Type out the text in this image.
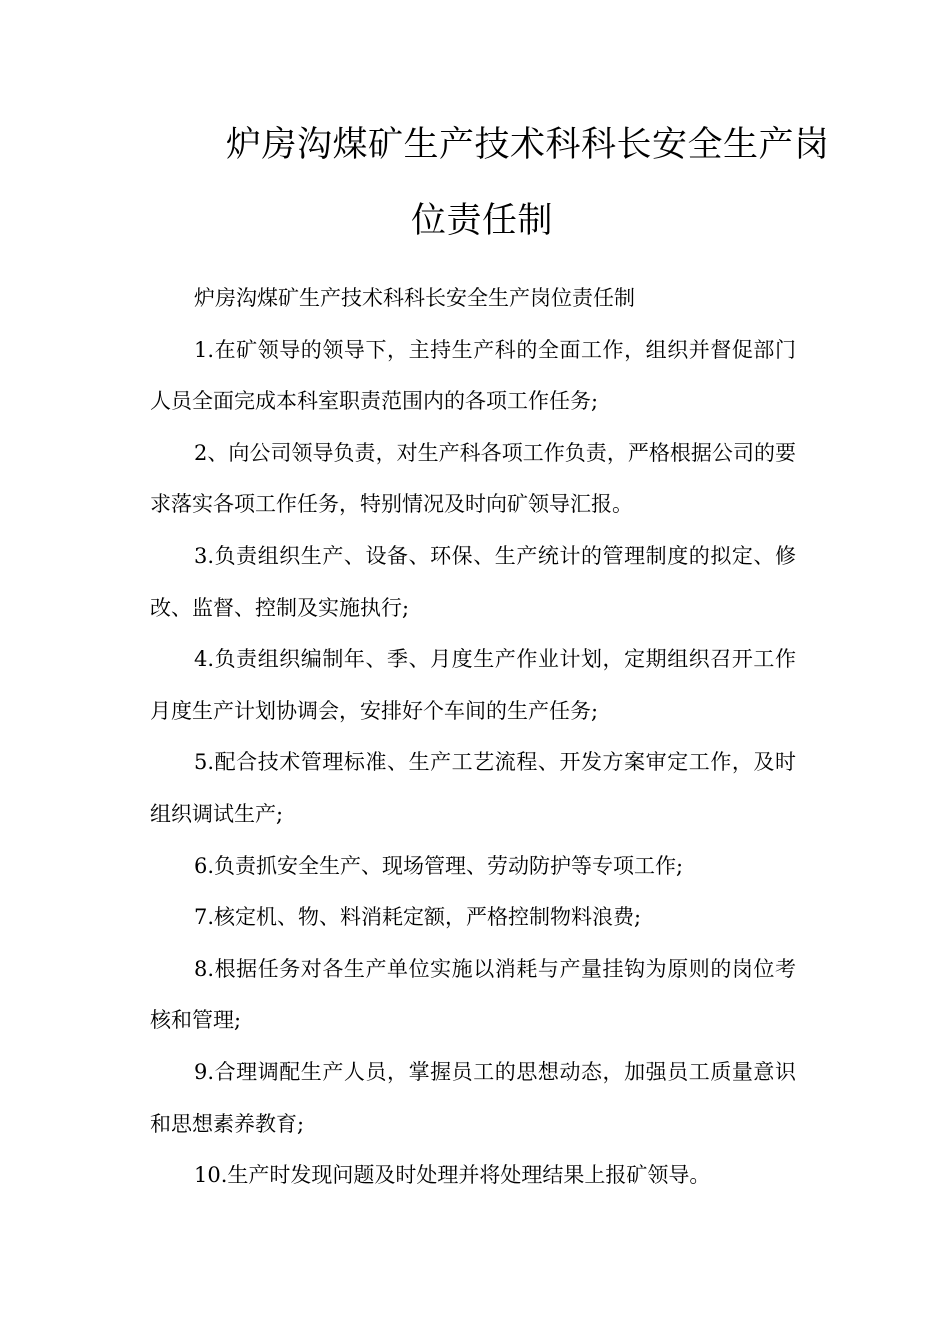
炉房沟煤矿生产技术科科长安全生产岗
位责任制

炉房沟煤矿生产技术科科长安全生产岗位责任制

1.在矿领导的领导下，主持生产科的全面工作，组织并督促部门人员全面完成本科室职责范围内的各项工作任务;

2、向公司领导负责，对生产科各项工作负责，严格根据公司的要求落实各项工作任务，特别情况及时向矿领导汇报。

3.负责组织生产、设备、环保、生产统计的管理制度的拟定、修改、监督、控制及实施执行;

4.负责组织编制年、季、月度生产作业计划，定期组织召开工作月度生产计划协调会，安排好个车间的生产任务;

5.配合技术管理标准、生产工艺流程、开发方案审定工作，及时组织调试生产;

6.负责抓安全生产、现场管理、劳动防护等专项工作;

7.核定机、物、料消耗定额，严格控制物料浪费;

8.根据任务对各生产单位实施以消耗与产量挂钩为原则的岗位考核和管理;

9.合理调配生产人员，掌握员工的思想动态，加强员工质量意识和思想素养教育;

10.生产时发现问题及时处理并将处理结果上报矿领导。
